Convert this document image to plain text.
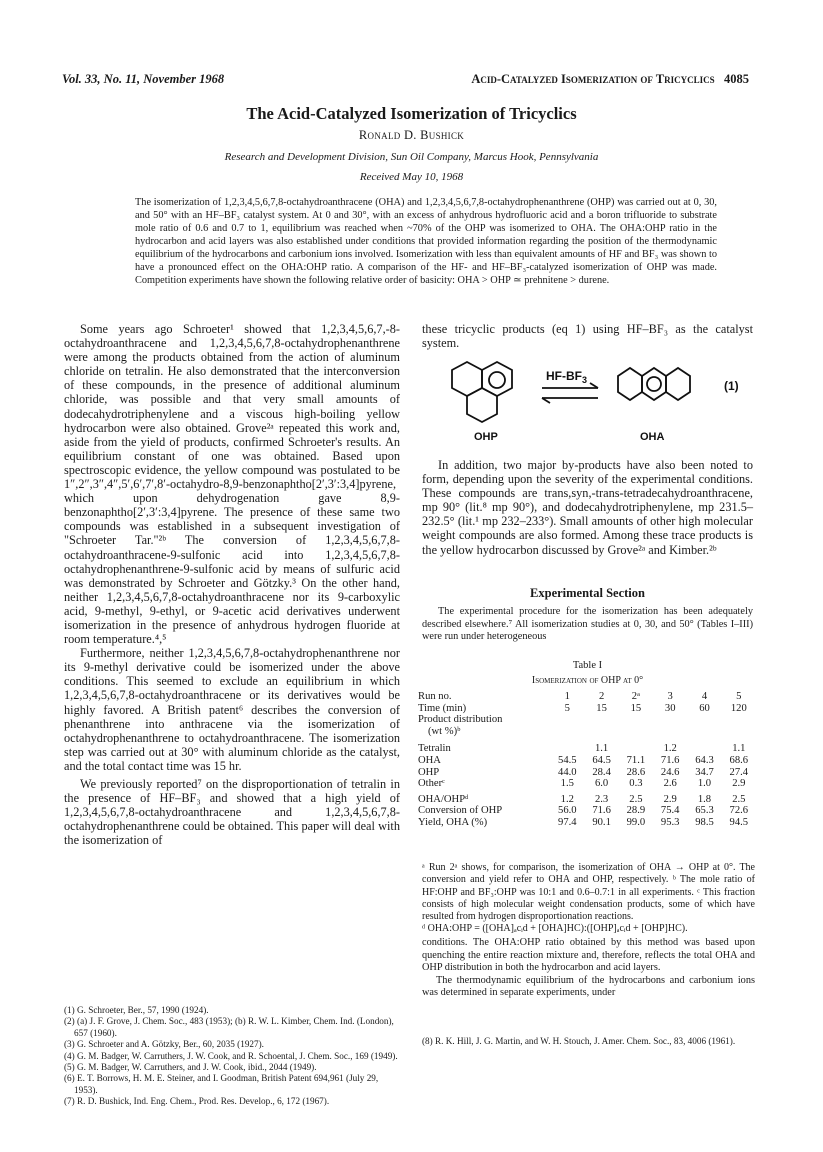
Vol. 33, No. 11, November 1968	Acid-Catalyzed Isomerization of Tricyclics 4085
The Acid-Catalyzed Isomerization of Tricyclics
Ronald D. Bushick
Research and Development Division, Sun Oil Company, Marcus Hook, Pennsylvania
Received May 10, 1968
The isomerization of 1,2,3,4,5,6,7,8-octahydroanthracene (OHA) and 1,2,3,4,5,6,7,8-octahydrophenanthrene (OHP) was carried out at 0, 30, and 50° with an HF–BF₃ catalyst system. At 0 and 30°, with an excess of anhydrous hydrofluoric acid and a boron trifluoride to substrate mole ratio of 0.6 and 0.7 to 1, equilibrium was reached when ~70% of the OHP was isomerized to OHA. The OHA:OHP ratio in the hydrocarbon and acid layers was also established under conditions that provided information regarding the position of the thermodynamic equilibrium of the hydrocarbons and carbonium ions involved. Isomerization with less than equivalent amounts of HF and BF₃ was shown to have a pronounced effect on the OHA:OHP ratio. A comparison of the HF- and HF–BF₃-catalyzed isomerization of OHP was made. Competition experiments have shown the following relative order of basicity: OHA > OHP ≃ prehnitene > durene.

Some years ago Schroeter¹ showed that 1,2,3,4,5,6,7,-8-octahydroanthracene and 1,2,3,4,5,6,7,8-octahydrophenanthrene were among the products obtained from the action of aluminum chloride on tetralin. He also demonstrated that the interconversion of these compounds, in the presence of additional aluminum chloride, was possible and that very small amounts of dodecahydrotriphenylene and a viscous high-boiling yellow hydrocarbon were also obtained. Grove²ᵃ repeated this work and, aside from the yield of products, confirmed Schroeter's results. An equilibrium constant of one was obtained. Based upon spectroscopic evidence, the yellow compound was postulated to be 1″,2″,3″,4″,5′,6′,7′,8′-octahydro-8,9-benzonaphtho[2′,3′:3,4]pyrene, which upon dehydrogenation gave 8,9-benzonaphtho[2′,3′:3,4]pyrene. The presence of these same two compounds was established in a subsequent investigation of "Schroeter Tar."²ᵇ The conversion of 1,2,3,4,5,6,7,8-octahydroanthracene-9-sulfonic acid into 1,2,3,4,5,6,7,8-octahydrophenanthrene-9-sulfonic acid by means of sulfuric acid was demonstrated by Schroeter and Götzky.³ On the other hand, neither 1,2,3,4,5,6,7,8-octahydroanthracene nor its 9-carboxylic acid, 9-methyl, 9-ethyl, or 9-acetic acid derivatives underwent isomerization in the presence of anhydrous hydrogen fluoride at room temperature.⁴,⁵

Furthermore, neither 1,2,3,4,5,6,7,8-octahydrophenanthrene nor its 9-methyl derivative could be isomerized under the above conditions. This seemed to exclude an equilibrium in which 1,2,3,4,5,6,7,8-octahydroanthracene or its derivatives would be highly favored. A British patent⁶ describes the conversion of phenanthrene into anthracene via the isomerization of octahydrophenanthrene to octahydroanthracene. The isomerization step was carried out at 30° with aluminum chloride as the catalyst, and the total contact time was 15 hr.

We previously reported⁷ on the disproportionation of tetralin in the presence of HF–BF₃ and showed that a high yield of 1,2,3,4,5,6,7,8-octahydroanthracene and 1,2,3,4,5,6,7,8-octahydrophenanthrene could be obtained. This paper will deal with the isomerization of

these tricyclic products (eq 1) using HF–BF₃ as the catalyst system.
$HF-BF_3$
OHP	OHA
(1)

In addition, two major by-products have also been noted to form, depending upon the severity of the experimental conditions. These compounds are trans,syn,-trans-tetradecahydroanthracene, mp 90° (lit.⁸ mp 90°), and dodecahydrotriphenylene, mp 231.5–232.5° (lit.¹ mp 232–233°). Small amounts of other high molecular weight compounds are also formed. Among these trace products is the yellow hydrocarbon discussed by Grove²ᵃ and Kimber.²ᵇ

Experimental Section

The experimental procedure for the isomerization has been adequately described elsewhere.⁷ All isomerization studies at 0, 30, and 50° (Tables I–III) were run under heterogeneous

Table I
Isomerization of OHP at 0°
Run no.	1	2	2ᵃ	3	4	5
Time (min)	5	15	15	30	60	120
Product distribution						
(wt %)ᵇ						

Tetralin		1.1		1.2		1.1
OHA	54.5	64.5	71.1	71.6	64.3	68.6
OHP	44.0	28.4	28.6	24.6	34.7	27.4
Otherᶜ	1.5	6.0	0.3	2.6	1.0	2.9

OHA/OHPᵈ	1.2	2.3	2.5	2.9	1.8	2.5
Conversion of OHP	56.0	71.6	28.9	75.4	65.3	72.6
Yield, OHA (%)	97.4	90.1	99.0	95.3	98.5	94.5

ᵃ Run 2ᵃ shows, for comparison, the isomerization of OHA → OHP at 0°. The conversion and yield refer to OHA and OHP, respectively. ᵇ The mole ratio of HF:OHP and BF₃:OHP was 10:1 and 0.6–0.7:1 in all experiments. ᶜ This fraction consists of high molecular weight condensation products, some of which have resulted from hydrogen disproportionation reactions.

ᵈ OHA:OHP = ([OHA]ₐcᵢd + [OHA]HC):([OHP]ₐcᵢd + [OHP]HC).

conditions. The OHA:OHP ratio obtained by this method was based upon quenching the entire reaction mixture and, therefore, reflects the total OHA and OHP distribution in both the hydrocarbon and acid layers.

The thermodynamic equilibrium of the hydrocarbons and carbonium ions was determined in separate experiments, under

(1) G. Schroeter, Ber., 57, 1990 (1924).

(2) (a) J. F. Grove, J. Chem. Soc., 483 (1953); (b) R. W. L. Kimber, Chem. Ind. (London), 657 (1960).

(3) G. Schroeter and A. Götzky, Ber., 60, 2035 (1927).

(4) G. M. Badger, W. Carruthers, J. W. Cook, and R. Schoental, J. Chem. Soc., 169 (1949).

(5) G. M. Badger, W. Carruthers, and J. W. Cook, ibid., 2044 (1949).

(6) E. T. Borrows, H. M. E. Steiner, and I. Goodman, British Patent 694,961 (July 29, 1953).

(7) R. D. Bushick, Ind. Eng. Chem., Prod. Res. Develop., 6, 172 (1967).

(8) R. K. Hill, J. G. Martin, and W. H. Stouch, J. Amer. Chem. Soc., 83, 4006 (1961).
